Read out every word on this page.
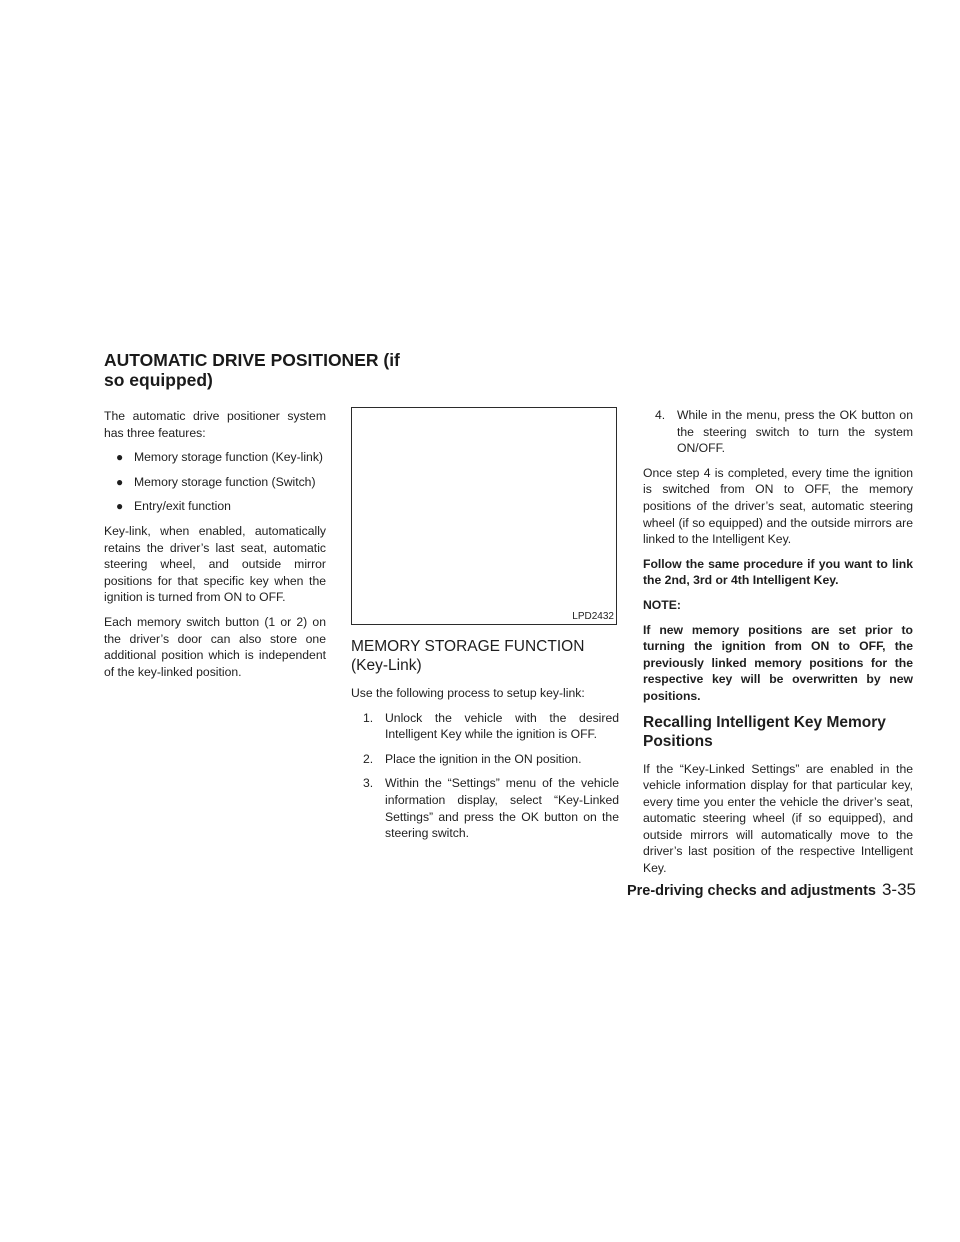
AUTOMATIC DRIVE POSITIONER (if so equipped)

The automatic drive positioner system has three features:

● Memory storage function (Key-link)
● Memory storage function (Switch)
● Entry/exit function

Key-link, when enabled, automatically retains the driver’s last seat, automatic steering wheel, and outside mirror positions for that specific key when the ignition is turned from ON to OFF.

Each memory switch button (1 or 2) on the driver’s door can also store one additional position which is independent of the key-linked position.

LPD2432
MEMORY STORAGE FUNCTION (Key-Link)

Use the following process to setup key-link:

1. Unlock the vehicle with the desired Intelligent Key while the ignition is OFF.
2. Place the ignition in the ON position.
3. Within the “Settings” menu of the vehicle information display, select “Key-Linked Settings” and press the OK button on the steering switch.
4. While in the menu, press the OK button on the steering switch to turn the system ON/OFF.

Once step 4 is completed, every time the ignition is switched from ON to OFF, the memory positions of the driver’s seat, automatic steering wheel (if so equipped) and the outside mirrors are linked to the Intelligent Key.

Follow the same procedure if you want to link the 2nd, 3rd or 4th Intelligent Key.

NOTE:

If new memory positions are set prior to turning the ignition from ON to OFF, the previously linked memory positions for the respective key will be overwritten by new positions.

Recalling Intelligent Key Memory Positions

If the “Key-Linked Settings” are enabled in the vehicle information display for that particular key, every time you enter the vehicle the driver’s seat, automatic steering wheel (if so equipped), and outside mirrors will automatically move to the driver’s last position of the respective Intelligent Key.

Pre-driving checks and adjustments 3-35
